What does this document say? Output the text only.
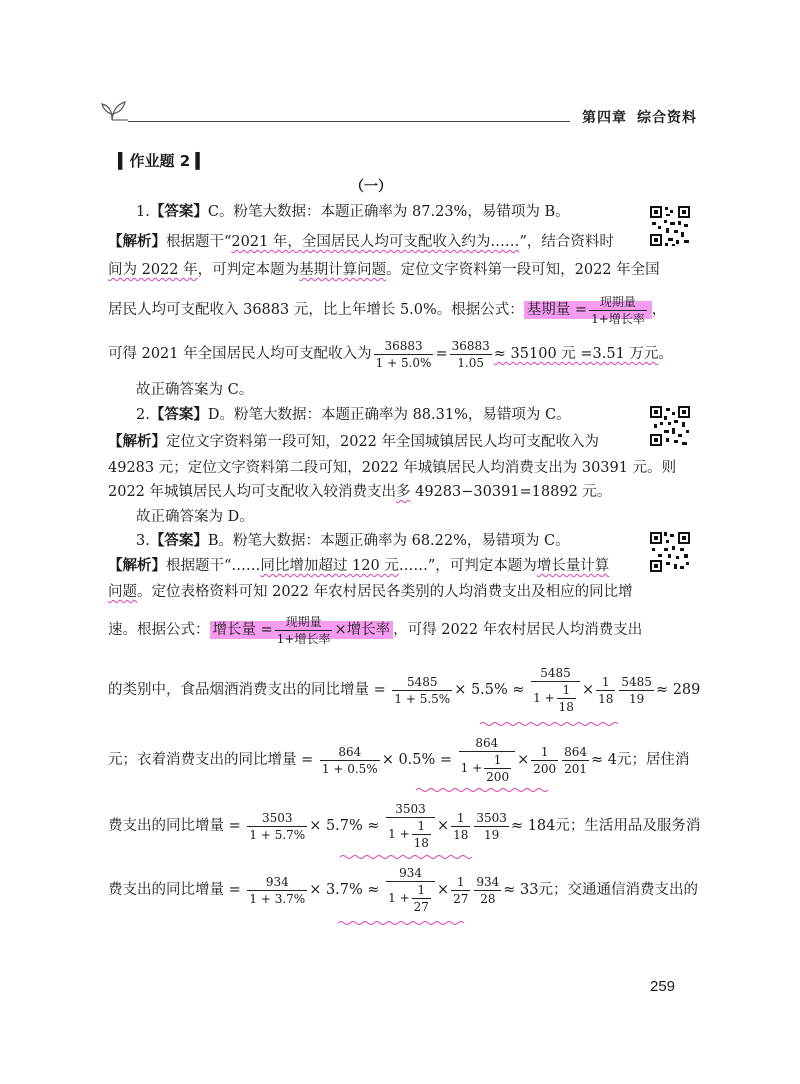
第四章 综合资料
▍作业题 2 ▍
（一）
1.【答案】C。粉笔大数据：本题正确率为 87.23%，易错项为 B。
【解析】根据题干“2021 年，全国居民人均可支配收入约为……”，结合资料时
间为 2022 年，可判定本题为基期计算问题。定位文字资料第一段可知，2022 年全国
居民人均可支配收入 36883 元，比上年增长 5.0%。根据公式： 基期量 = $\frac{\text{现期量}}{\text{1+增长率}}$ ，
可得 2021 年全国居民人均可支配收入为 $\frac{36883}{1 + 5.0\%} = \frac{36883}{1.05} \approx 35100$ 元 =3.51 万元。
故正确答案为 C。
2.【答案】D。粉笔大数据：本题正确率为 88.31%，易错项为 C。
【解析】定位文字资料第一段可知，2022 年全国城镇居民人均可支配收入为
49283 元；定位文字资料第二段可知，2022 年城镇居民人均消费支出为 30391 元。则
2022 年城镇居民人均可支配收入较消费支出多 49283−30391=18892 元。
故正确答案为 D。
3.【答案】B。粉笔大数据：本题正确率为 68.22%，易错项为 C。
【解析】根据题干“……同比增加超过 120 元……”，可判定本题为增长量计算
问题。定位表格资料可知 2022 年农村居民各类别的人均消费支出及相应的同比增
速。根据公式： 增长量 = $\frac{\text{现期量}}{\text{1+增长率}}$ ×增长率 ，可得 2022 年农村居民人均消费支出
的类别中，食品烟酒消费支出的同比增量 = $\frac{5485}{1 + 5.5\%} \times 5.5\% \approx \frac{5485}{1 + \frac{1}{18}} \times \frac{1}{18} \frac{5485}{19} \approx 289$
元；衣着消费支出的同比增量 = $\frac{864}{1 + 0.5\%} \times 0.5\% = \frac{864}{1 + \frac{1}{200}} \times \frac{1}{200} \frac{864}{201} \approx 4$元；居住消
费支出的同比增量 = $\frac{3503}{1 + 5.7\%} \times 5.7\% \approx \frac{3503}{1 + \frac{1}{18}} \times \frac{1}{18} \frac{3503}{19} \approx 184$元；生活用品及服务消
费支出的同比增量 = $\frac{934}{1 + 3.7\%} \times 3.7\% \approx \frac{934}{1 + \frac{1}{27}} \times \frac{1}{27} \frac{934}{28} \approx 33$元；交通通信消费支出的
259
